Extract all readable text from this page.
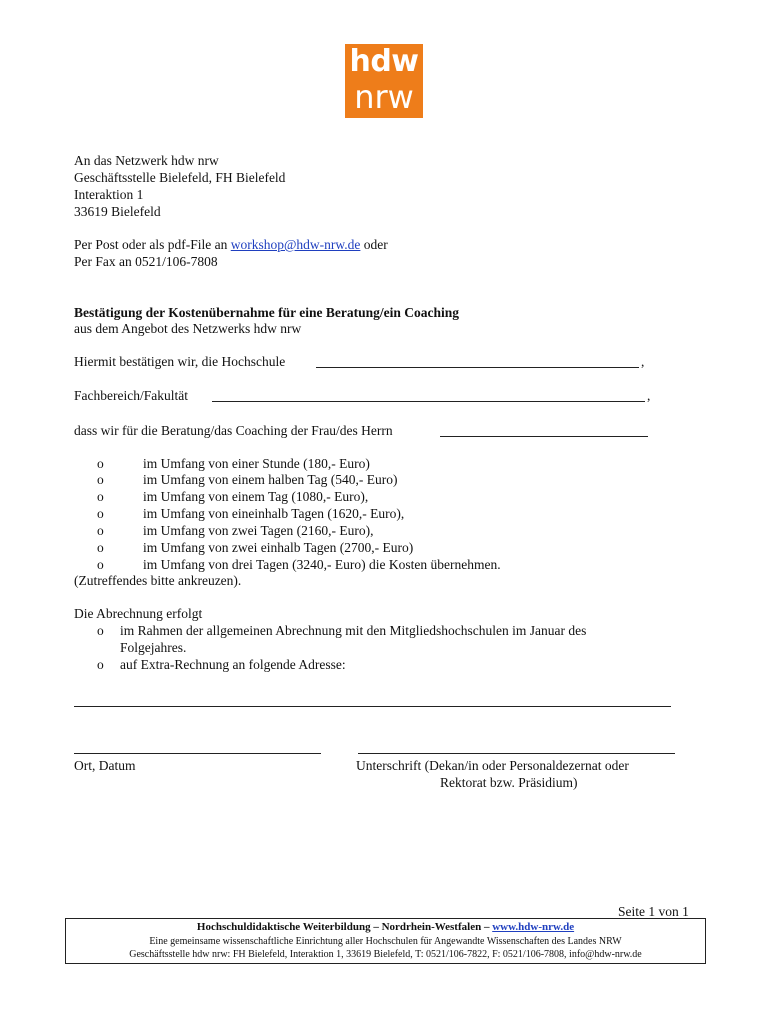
hdw
nrw
An das Netzwerk hdw nrw
Geschäftsstelle Bielefeld, FH Bielefeld
Interaktion 1
33619 Bielefeld
Per Post oder als pdf-File an workshop@hdw-nrw.de oder
Per Fax an 0521/106-7808
Bestätigung der Kostenübernahme für eine Beratung/ein Coaching
aus dem Angebot des Netzwerks hdw nrw
Hiermit bestätigen wir, die Hochschule	,
Fachbereich/Fakultät	,
dass wir für die Beratung/das Coaching der Frau/des Herrn
o	im Umfang von einer Stunde (180,- Euro)
o	im Umfang von einem halben Tag (540,- Euro)
o	im Umfang von einem Tag (1080,- Euro),
o	im Umfang von eineinhalb Tagen (1620,- Euro),
o	im Umfang von zwei Tagen (2160,- Euro),
o	im Umfang von zwei einhalb Tagen (2700,- Euro)
o	im Umfang von drei Tagen (3240,- Euro) die Kosten übernehmen.
(Zutreffendes bitte ankreuzen).
Die Abrechnung erfolgt
o im Rahmen der allgemeinen Abrechnung mit den Mitgliedshochschulen im Januar des
Folgejahres.
o auf Extra-Rechnung an folgende Adresse:
Ort, Datum	Unterschrift (Dekan/in oder Personaldezernat oder
Rektorat bzw. Präsidium)
Seite 1 von 1
Hochschuldidaktische Weiterbildung – Nordrhein-Westfalen – www.hdw-nrw.de
Eine gemeinsame wissenschaftliche Einrichtung aller Hochschulen für Angewandte Wissenschaften des Landes NRW
Geschäftsstelle hdw nrw: FH Bielefeld, Interaktion 1, 33619 Bielefeld, T: 0521/106-7822, F: 0521/106-7808, info@hdw-nrw.de
